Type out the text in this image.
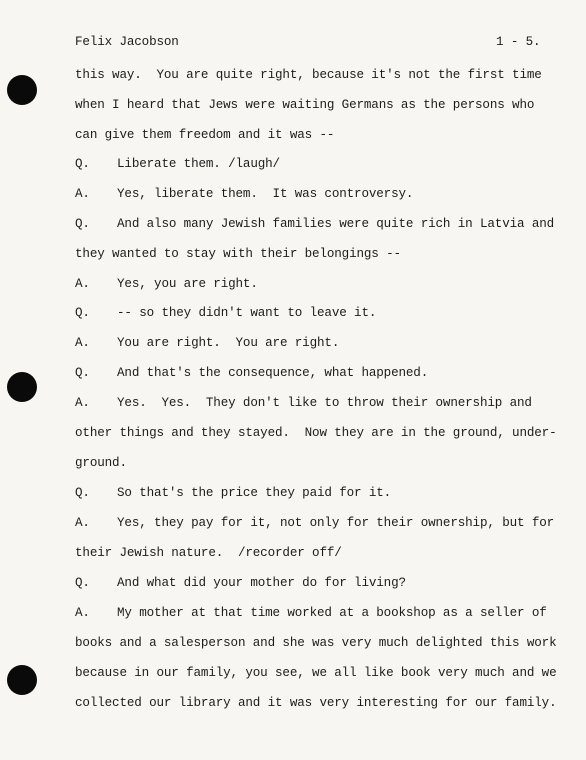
Felix Jacobson	1 - 5.
this way.  You are quite right, because it's not the first time
when I heard that Jews were waiting Germans as the persons who
can give them freedom and it was --
Q. Liberate them. /laugh/
A. Yes, liberate them.  It was controversy.
Q. And also many Jewish families were quite rich in Latvia and
they wanted to stay with their belongings --
A. Yes, you are right.
Q. -- so they didn't want to leave it.
A. You are right.  You are right.
Q. And that's the consequence, what happened.
A. Yes.  Yes.  They don't like to throw their ownership and
other things and they stayed.  Now they are in the ground, under-
ground.
Q. So that's the price they paid for it.
A. Yes, they pay for it, not only for their ownership, but for
their Jewish nature.  /recorder off/
Q. And what did your mother do for living?
A. My mother at that time worked at a bookshop as a seller of
books and a salesperson and she was very much delighted this work
because in our family, you see, we all like book very much and we
collected our library and it was very interesting for our family.
